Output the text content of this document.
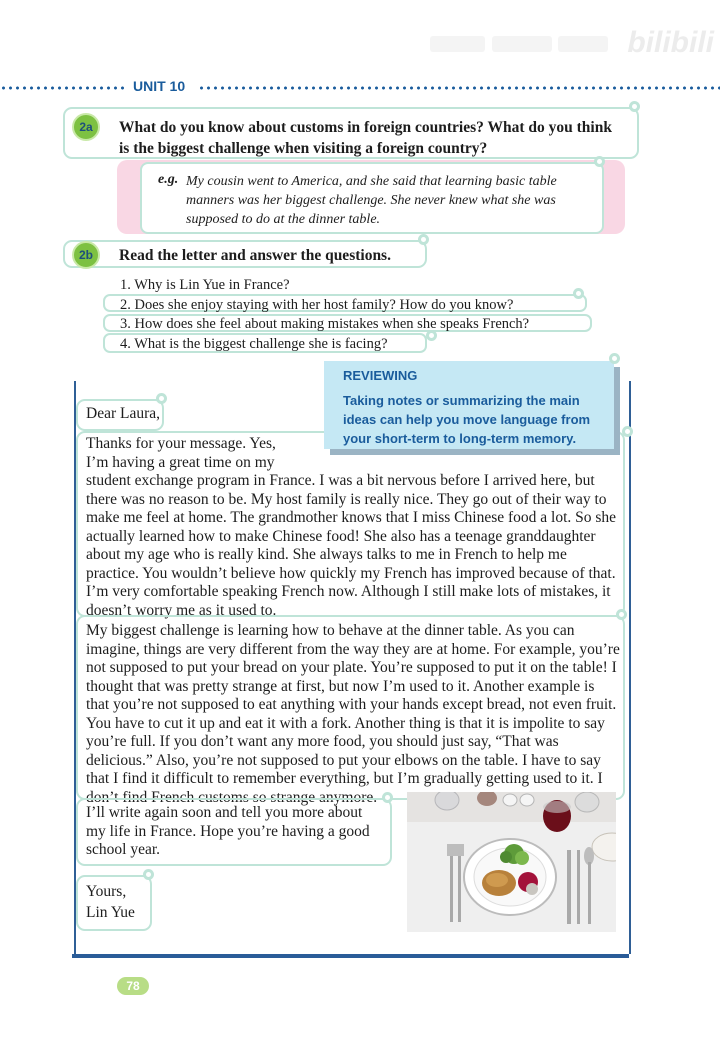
bilibili
UNIT 10
2a	What do you know about customs in foreign countries? What do you think is the biggest challenge when visiting a foreign country?
e.g. My cousin went to America, and she said that learning basic table manners was her biggest challenge. She never knew what she was supposed to do at the dinner table.
2b	Read the letter and answer the questions.
1. Why is Lin Yue in France?
2. Does she enjoy staying with her host family? How do you know?
3. How does she feel about making mistakes when she speaks French?
4. What is the biggest challenge she is facing?
Dear Laura,
Thanks for your message. Yes, I’m having a great time on my student exchange program in France. I was a bit nervous before I arrived here, but there was no reason to be. My host family is really nice. They go out of their way to make me feel at home. The grandmother knows that I miss Chinese food a lot. So she actually learned how to make Chinese food! She also has a teenage granddaughter about my age who is really kind. She always talks to me in French to help me practice. You wouldn’t believe how quickly my French has improved because of that. I’m very comfortable speaking French now. Although I still make lots of mistakes, it doesn’t worry me as it used to.
REVIEWING
Taking notes or summarizing the main ideas can help you move language from your short-term to long-term memory.
My biggest challenge is learning how to behave at the dinner table. As you can imagine, things are very different from the way they are at home. For example, you’re not supposed to put your bread on your plate. You’re supposed to put it on the table! I thought that was pretty strange at first, but now I’m used to it. Another example is that you’re not supposed to eat anything with your hands except bread, not even fruit. You have to cut it up and eat it with a fork. Another thing is that it is impolite to say you’re full. If you don’t want any more food, you should just say, “That was delicious.” Also, you’re not supposed to put your elbows on the table. I have to say that I find it difficult to remember everything, but I’m gradually getting used to it. I don’t find French customs so strange anymore.
I’ll write again soon and tell you more about my life in France. Hope you’re having a good school year.
Yours,
Lin Yue
78
